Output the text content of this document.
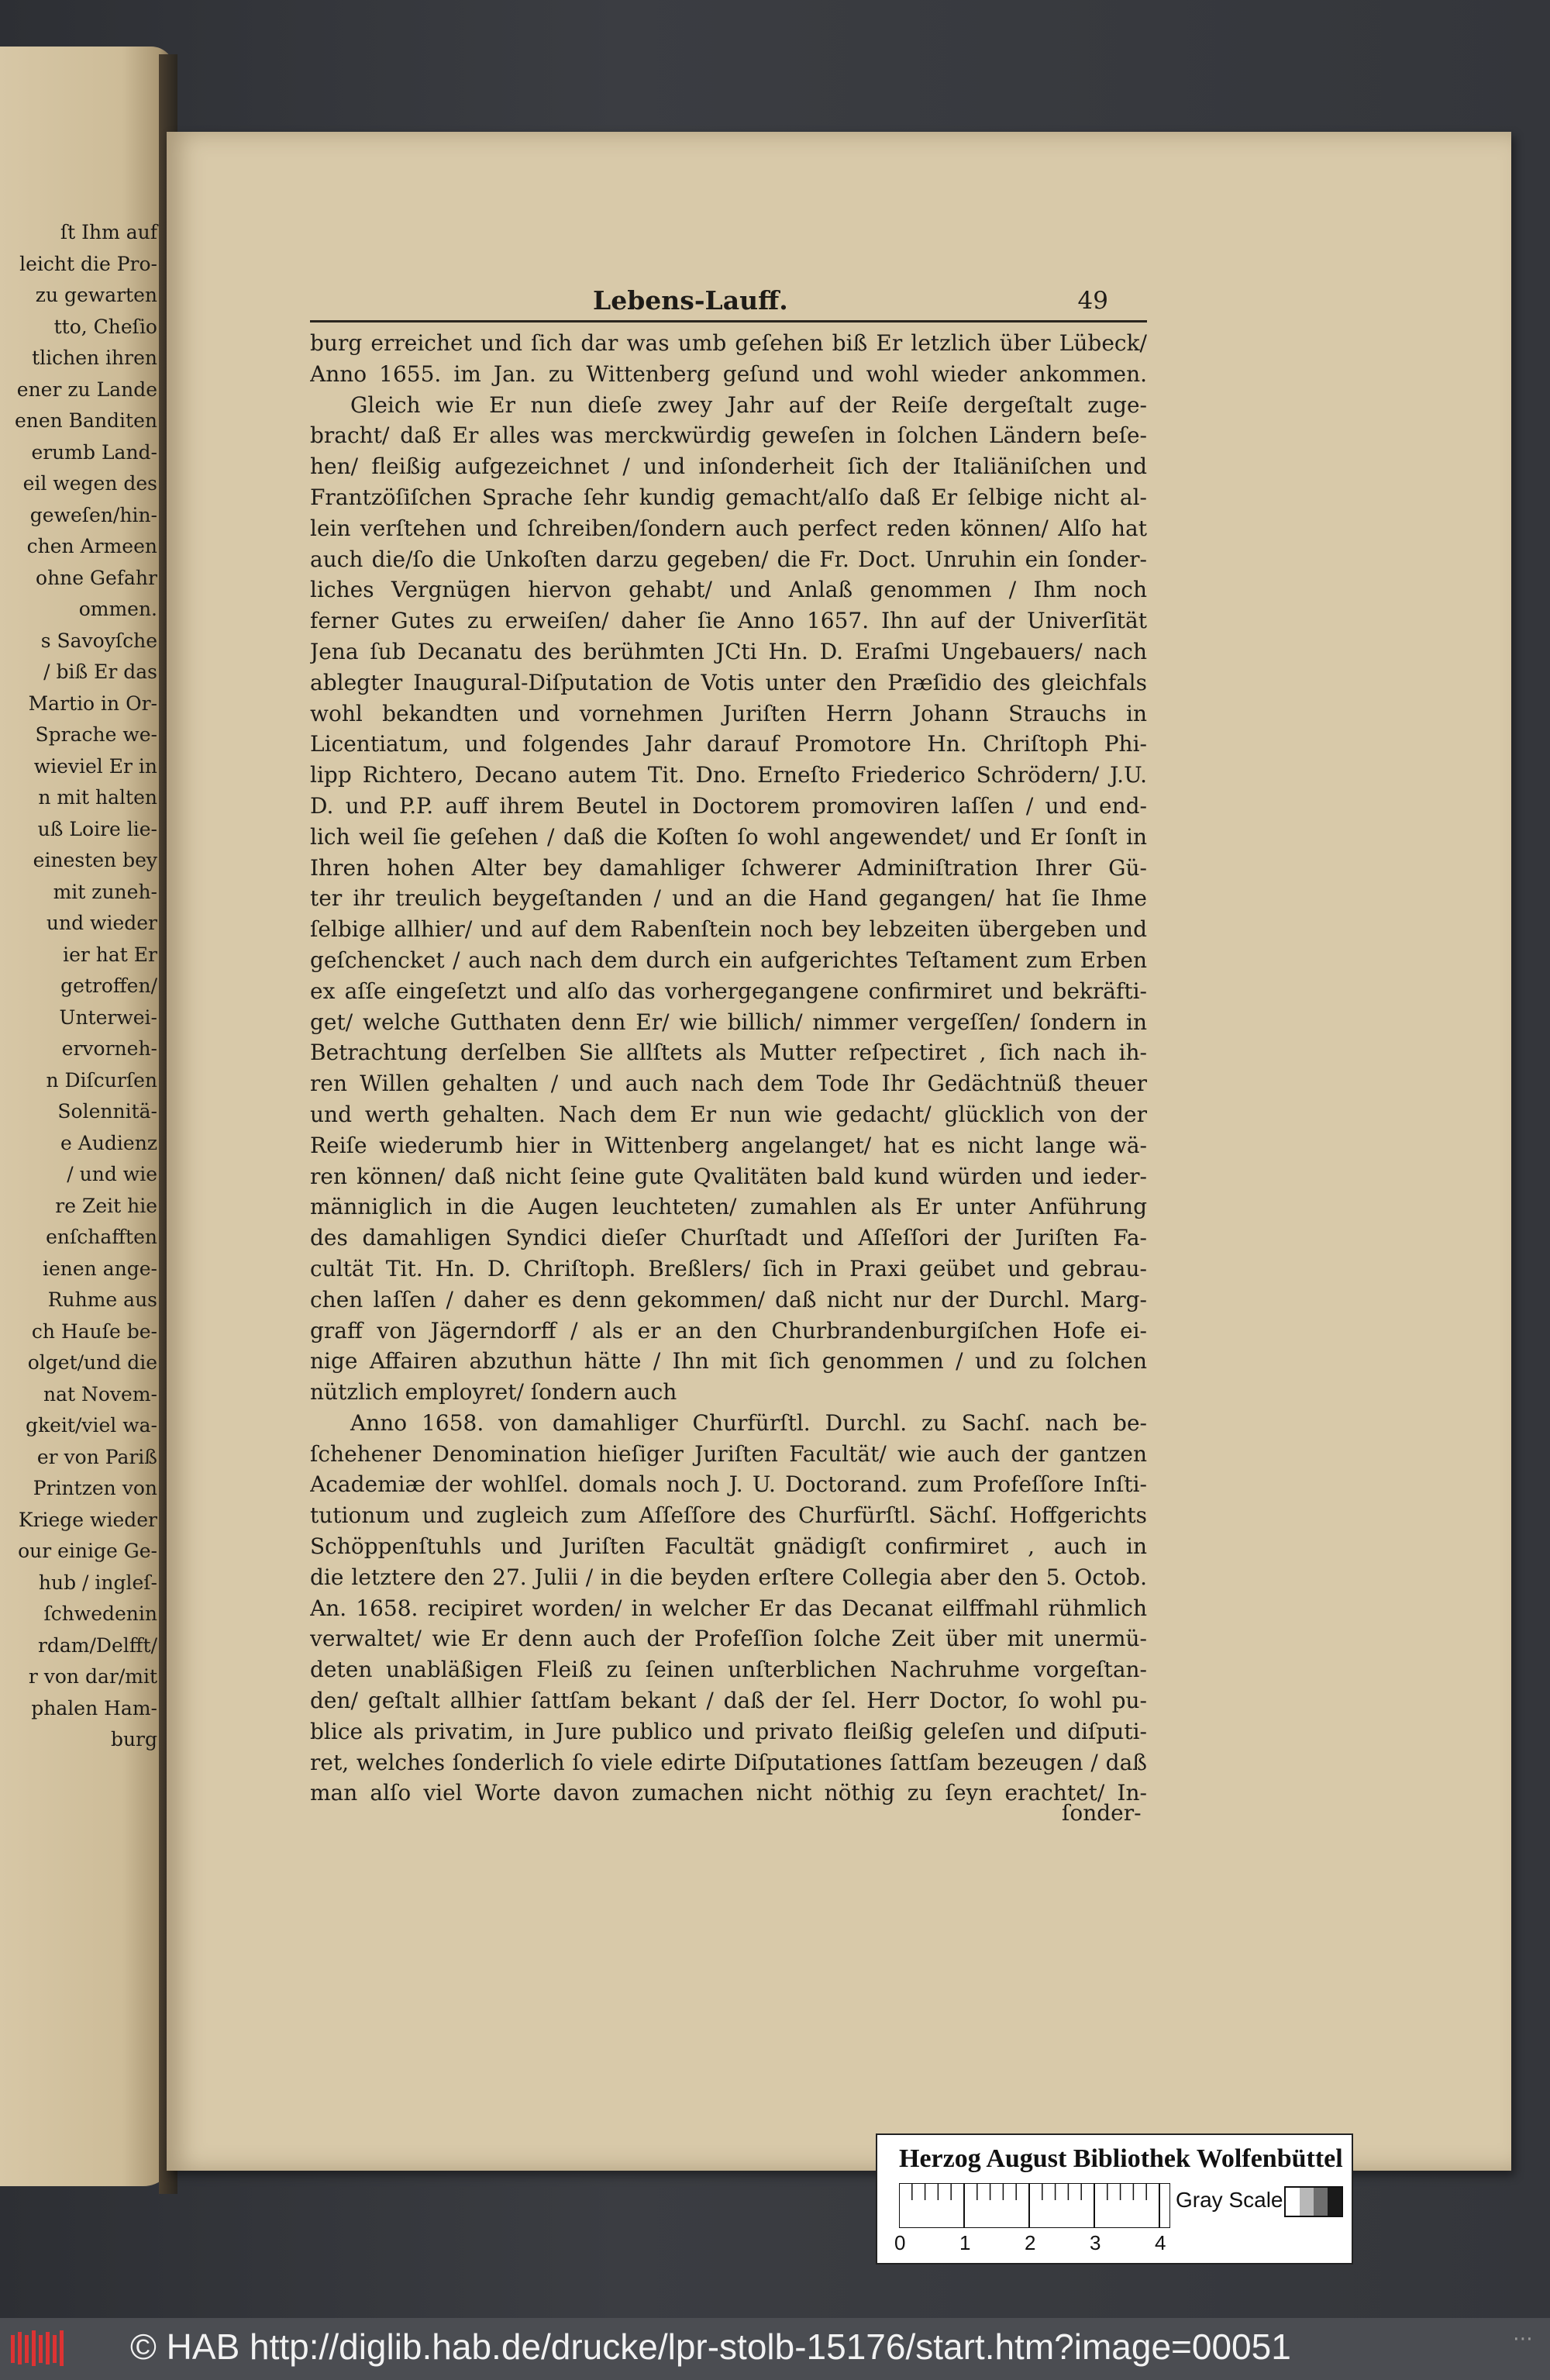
ſt Ihm auf
leicht die Pro-
zu gewarten
tto, Cheſio
tlichen ihren
ener zu Lande
enen Banditen
erumb Land-
eil wegen des
geweſen/hin-
chen Armeen
ohne Gefahr
ommen.
s Savoyſche
/ biß Er das
Martio in Or-
Sprache we-
wieviel Er in
n mit halten
uß Loire lie-
einesten bey
mit zuneh-
und wieder
ier hat Er
getroffen/
Unterwei-
ervorneh-
n Diſcurſen
Solennitä-
e Audienz
/ und wie
re Zeit hie
enſchafften
ienen ange-
Ruhme aus
ch Hauſe be-
olget/und die
nat Novem-
gkeit/viel wa-
er von Pariß
Printzen von
Kriege wieder
our einige Ge-
hub / ingleſ-
ſchwedenin
rdam/Delfft/
r von dar/mit
phalen Ham-
burg
Lebens-Lauff.	49
burg erreichet und ſich dar was umb geſehen biß Er letzlich über Lübeck/
Anno 1655. im Jan. zu Wittenberg geſund und wohl wieder ankommen.
Gleich wie Er nun dieſe zwey Jahr auf der Reiſe dergeſtalt zuge-
bracht/ daß Er alles was merckwürdig geweſen in ſolchen Ländern beſe-
hen/ fleißig aufgezeichnet / und inſonderheit ſich der Italiäniſchen und
Frantzöſiſchen Sprache ſehr kundig gemacht/alſo daß Er ſelbige nicht al-
lein verſtehen und ſchreiben/ſondern auch perfect reden können/ Alſo hat
auch die/ſo die Unkoſten darzu gegeben/ die Fr. Doct. Unruhin ein ſonder-
liches Vergnügen hiervon gehabt/ und Anlaß genommen / Ihm noch
ferner Gutes zu erweiſen/ daher ſie Anno 1657. Ihn auf der Univerſität
Jena ſub Decanatu des berühmten JCti Hn. D. Eraſmi Ungebauers/ nach
ablegter Inaugural-Diſputation de Votis unter den Præſidio des gleichfals
wohl bekandten und vornehmen Juriſten Herrn Johann Strauchs in
Licentiatum, und folgendes Jahr darauf Promotore Hn. Chriſtoph Phi-
lipp Richtero, Decano autem Tit. Dno. Erneſto Friederico Schrödern/ J.U.
D. und P.P. auff ihrem Beutel in Doctorem promoviren laſſen / und end-
lich weil ſie geſehen / daß die Koſten ſo wohl angewendet/ und Er ſonſt in
Ihren hohen Alter bey damahliger ſchwerer Adminiſtration Ihrer Gü-
ter ihr treulich beygeſtanden / und an die Hand gegangen/ hat ſie Ihme
ſelbige allhier/ und auf dem Rabenſtein noch bey lebzeiten übergeben und
geſchencket / auch nach dem durch ein aufgerichtes Teſtament zum Erben
ex aſſe eingeſetzt und alſo das vorhergegangene confirmiret und bekräfti-
get/ welche Gutthaten denn Er/ wie billich/ nimmer vergeſſen/ ſondern in
Betrachtung derſelben Sie allſtets als Mutter reſpectiret , ſich nach ih-
ren Willen gehalten / und auch nach dem Tode Ihr Gedächtnüß theuer
und werth gehalten. Nach dem Er nun wie gedacht/ glücklich von der
Reiſe wiederumb hier in Wittenberg angelanget/ hat es nicht lange wä-
ren können/ daß nicht ſeine gute Qvalitäten bald kund würden und ieder-
männiglich in die Augen leuchteten/ zumahlen als Er unter Anführung
des damahligen Syndici dieſer Churſtadt und Aſſeſſori der Juriſten Fa-
cultät Tit. Hn. D. Chriſtoph. Breßlers/ ſich in Praxi geübet und gebrau-
chen laſſen / daher es denn gekommen/ daß nicht nur der Durchl. Marg-
graff von Jägerndorff / als er an den Churbrandenburgiſchen Hofe ei-
nige Affairen abzuthun hätte / Ihn mit ſich genommen / und zu ſolchen
nützlich employret/ ſondern auch
Anno 1658. von damahliger Churfürſtl. Durchl. zu Sachſ. nach be-
ſchehener Denomination hieſiger Juriſten Facultät/ wie auch der gantzen
Academiæ der wohlſel. domals noch J. U. Doctorand. zum Profeſſore Inſti-
tutionum und zugleich zum Aſſeſſore des Churfürſtl. Sächſ. Hoffgerichts
Schöppenſtuhls und Juriſten Facultät gnädigſt confirmiret , auch in
die letztere den 27. Julii / in die beyden erſtere Collegia aber den 5. Octob.
An. 1658. recipiret worden/ in welcher Er das Decanat eilffmahl rühmlich
verwaltet/ wie Er denn auch der Profeſſion ſolche Zeit über mit unermü-
deten unabläßigen Fleiß zu ſeinen unſterblichen Nachruhme vorgeſtan-
den/ geſtalt allhier ſattſam bekant / daß der ſel. Herr Doctor, ſo wohl pu-
blice als privatim, in Jure publico und privato fleißig geleſen und diſputi-
ret, welches ſonderlich ſo viele edirte Diſputationes ſattſam bezeugen / daß
man alſo viel Worte davon zumachen nicht nöthig zu ſeyn erachtet/ In-
ſonder-
Herzog August Bibliothek Wolfenbüttel
Gray Scale
0	1	2	3	4
© HAB http://diglib.hab.de/drucke/lpr-stolb-15176/start.htm?image=00051	⋯
